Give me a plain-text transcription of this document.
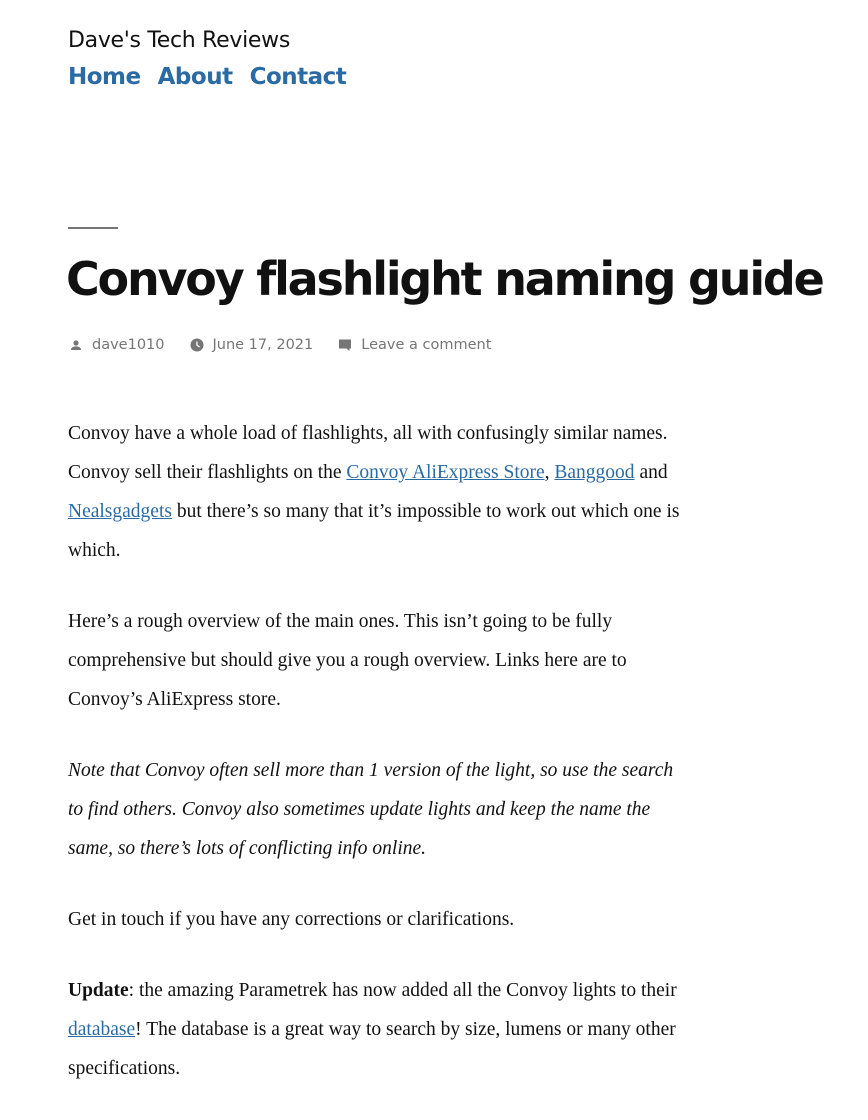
Dave's Tech Reviews
Home About Contact
Convoy flashlight naming guide
dave1010	June 17, 2021	Leave a comment

Convoy have a whole load of flashlights, all with confusingly similar names. Convoy sell their flashlights on the Convoy AliExpress Store, Banggood and Nealsgadgets but there’s so many that it’s impossible to work out which one is which.

Here’s a rough overview of the main ones. This isn’t going to be fully comprehensive but should give you a rough overview. Links here are to Convoy’s AliExpress store.

Note that Convoy often sell more than 1 version of the light, so use the search to find others. Convoy also sometimes update lights and keep the name the same, so there’s lots of conflicting info online.

Get in touch if you have any corrections or clarifications.

Update: the amazing Parametrek has now added all the Convoy lights to their database! The database is a great way to search by size, lumens or many other specifications.
